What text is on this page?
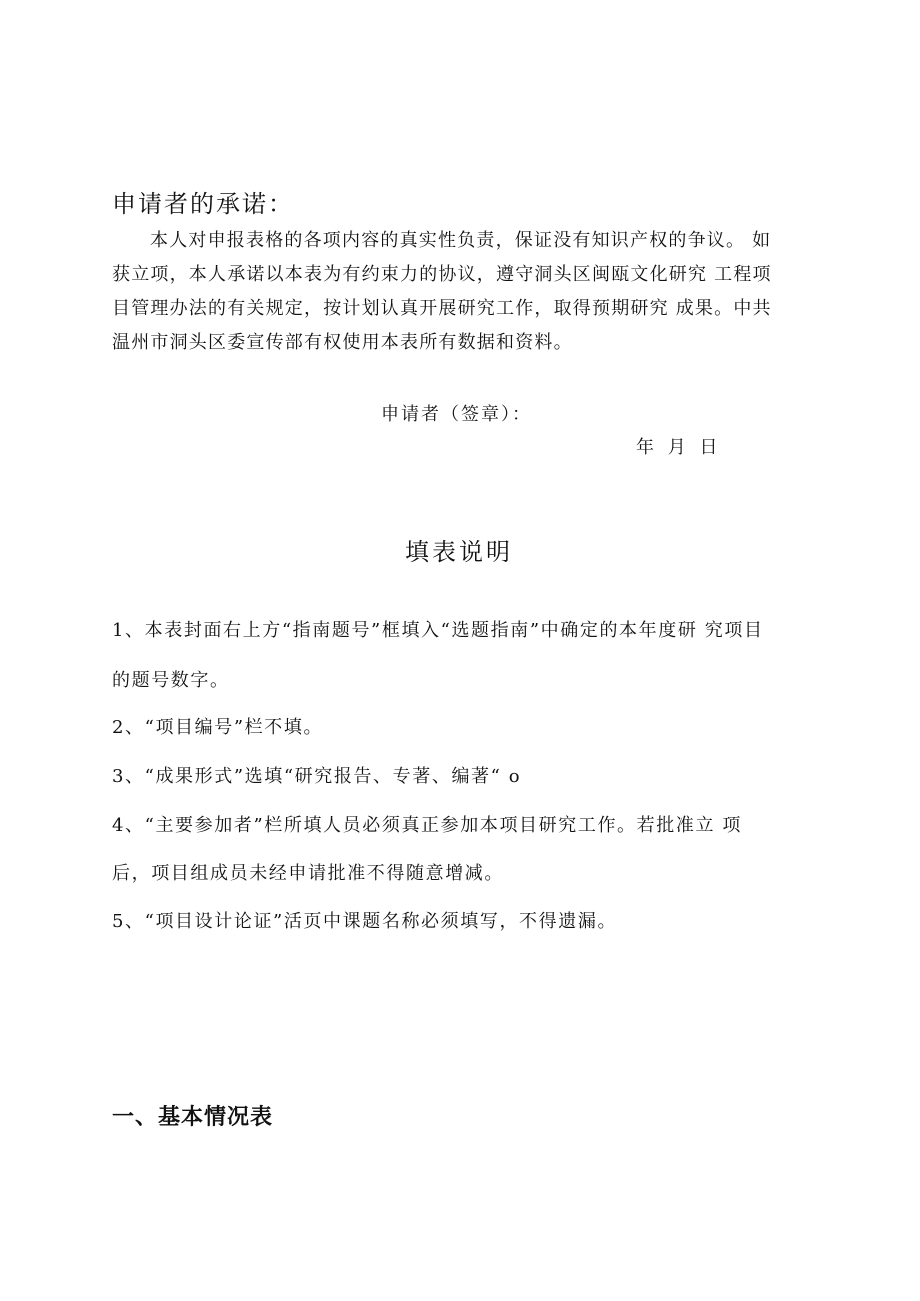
申请者的承诺：
本人对申报表格的各项内容的真实性负责，保证没有知识产权的争议。 如
获立项，本人承诺以本表为有约束力的协议，遵守洞头区闽瓯文化研究 工程项
目管理办法的有关规定，按计划认真开展研究工作，取得预期研究 成果。中共
温州市洞头区委宣传部有权使用本表所有数据和资料。
申请者（签章）：
年 月 日
填表说明
1、本表封面右上方“指南题号”框填入“选题指南”中确定的本年度研 究项目
的题号数字。
2、“项目编号”栏不填。
3、“成果形式”选填“研究报告、专著、编著“ o
4、“主要参加者”栏所填人员必须真正参加本项目研究工作。若批准立 项
后，项目组成员未经申请批准不得随意增减。
5、“项目设计论证”活页中课题名称必须填写，不得遗漏。
一、基本情况表
